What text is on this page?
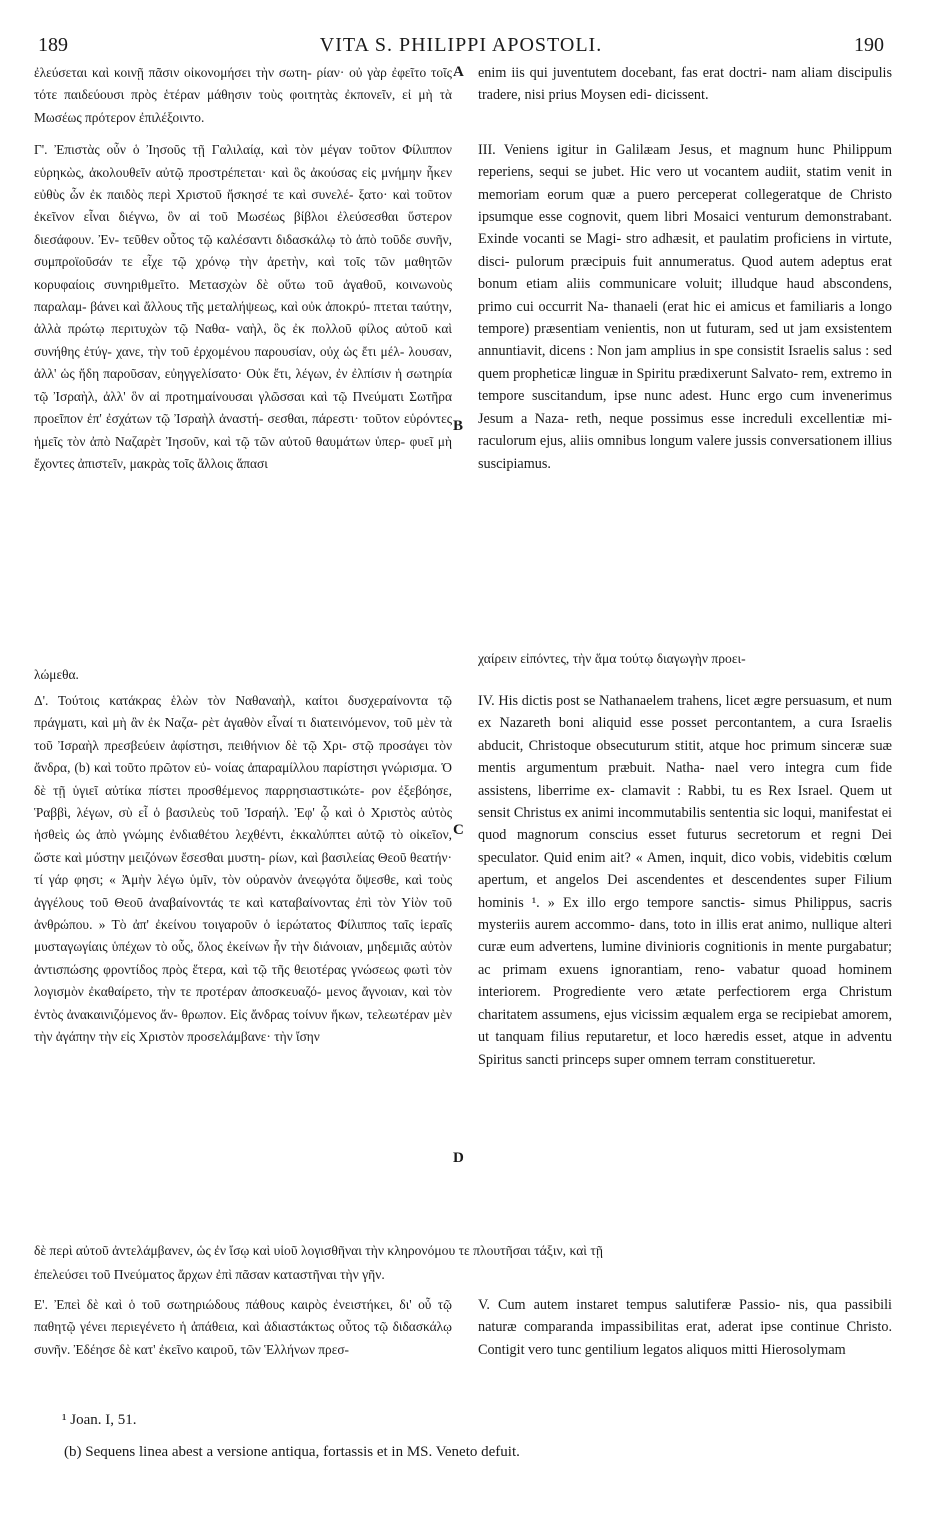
189	VITA S. PHILIPPI APOSTOLI.	190

ἐλεύσεται καὶ κοινῇ πᾶσιν οἰκονομήσει τὴν σωτη- ρίαν· οὐ γὰρ ἐφεῖτο τοῖς τότε παιδεύουσι πρὸς ἑτέραν μάθησιν τοὺς φοιτητὰς ἐκπονεῖν, εἰ μὴ τὰ Μωσέως πρότερον ἐπιλέξοιντο.

Γ'. Ἐπιστὰς οὖν ὁ Ἰησοῦς τῇ Γαλιλαίᾳ, καὶ τὸν μέγαν τοῦτον Φίλιππον εὑρηκὼς, ἀκολουθεῖν αὐτῷ προστρέπεται· καὶ ὃς ἀκούσας εἰς μνήμην ἧκεν εὐθὺς ὧν ἐκ παιδὸς περὶ Χριστοῦ ἤσκησέ τε καὶ συνελέ- ξατο· καὶ τοῦτον ἐκεῖνον εἶναι διέγνω, ὃν αἱ τοῦ Μωσέως βίβλοι ἐλεύσεσθαι ὕστερον διεσάφουν. Ἐν- τεῦθεν οὗτος τῷ καλέσαντι διδασκάλῳ τὸ ἀπὸ τοῦδε συνῆν, συμπροϊοῦσάν τε εἶχε τῷ χρόνῳ τὴν ἀρετὴν, καὶ τοῖς τῶν μαθητῶν κορυφαίοις συνηριθμεῖτο. Μετασχὼν δὲ οὕτω τοῦ ἀγαθοῦ, κοινωνοὺς παραλαμ- βάνει καὶ ἄλλους τῆς μεταλήψεως, καὶ οὐκ ἀποκρύ- πτεται ταύτην, ἀλλὰ πρώτῳ περιτυχὼν τῷ Ναθα- ναὴλ, ὃς ἐκ πολλοῦ φίλος αὐτοῦ καὶ συνήθης ἐτύγ- χανε, τὴν τοῦ ἐρχομένου παρουσίαν, οὐχ ὡς ἔτι μέλ- λουσαν, ἀλλ' ὡς ἤδη παροῦσαν, εὐηγγελίσατο· Οὐκ ἔτι, λέγων, ἐν ἐλπίσιν ἡ σωτηρία τῷ Ἰσραὴλ, ἀλλ' ὃν αἱ προτημαίνουσαι γλῶσσαι καὶ τῷ Πνεύματι Σωτῆρα προεῖπον ἐπ' ἐσχάτων τῷ Ἰσραὴλ ἀναστή- σεσθαι, πάρεστι· τοῦτον εὑρόντες ἡμεῖς τὸν ἀπὸ Ναζαρὲτ Ἰησοῦν, καὶ τῷ τῶν αὐτοῦ θαυμάτων ὑπερ- φυεῖ μὴ ἔχοντες ἀπιστεῖν, μακρὰς τοῖς ἄλλοις ἅπασι

enim iis qui juventutem docebant, fas erat doctri- nam aliam discipulis tradere, nisi prius Moysen edi- dicissent.

III. Veniens igitur in Galilæam Jesus, et magnum hunc Philippum reperiens, sequi se jubet. Hic vero ut vocantem audiit, statim venit in memoriam eorum quæ a puero perceperat collegeratque de Christo ipsumque esse cognovit, quem libri Mosaici venturum demonstrabant. Exinde vocanti se Magi- stro adhæsit, et paulatim proficiens in virtute, disci- pulorum præcipuis fuit annumeratus. Quod autem adeptus erat bonum etiam aliis communicare voluit; illudque haud abscondens, primo cui occurrit Na- thanaeli (erat hic ei amicus et familiaris a longo tempore) præsentiam venientis, non ut futuram, sed ut jam exsistentem annuntiavit, dicens : Non jam amplius in spe consistit Israelis salus : sed quem propheticæ linguæ in Spiritu prædixerunt Salvato- rem, extremo in tempore suscitandum, ipse nunc adest. Hunc ergo cum invenerimus Jesum a Naza- reth, neque possimus esse increduli excellentiæ mi- raculorum ejus, aliis omnibus longum valere jussis conversationem illius suscipiamus.

A
B
χαίρειν εἰπόντες, τὴν ἅμα τούτῳ διαγωγὴν προει-

λώμεθα.

Δ'. Τούτοις κατάκρας ἑλὼν τὸν Ναθαναὴλ, καίτοι δυσχεραίνοντα τῷ πράγματι, καὶ μὴ ἂν ἐκ Ναζα- ρὲτ ἀγαθὸν εἶναί τι διατεινόμενον, τοῦ μὲν τὰ τοῦ Ἰσραὴλ πρεσβεύειν ἀφίστησι, πειθήνιον δὲ τῷ Χρι- στῷ προσάγει τὸν ἄνδρα, (b) καὶ τοῦτο πρῶτον εὐ- νοίας ἀπαραμίλλου παρίστησι γνώρισμα. Ὁ δὲ τῇ ὑγιεῖ αὐτίκα πίστει προσθέμενος παρρησιαστικώτε- ρον ἐξεβόησε, Ῥαββὶ, λέγων, σὺ εἶ ὁ βασιλεὺς τοῦ Ἰσραήλ. Ἐφ' ᾧ καὶ ὁ Χριστὸς αὐτὸς ἡσθεὶς ὡς ἀπὸ γνώμης ἐνδιαθέτου λεχθέντι, ἐκκαλύπτει αὐτῷ τὸ οἰκεῖον, ὥστε καὶ μύστην μειζόνων ἔσεσθαι μυστη- ρίων, καὶ βασιλείας Θεοῦ θεατήν· τί γάρ φησι; « Ἀμὴν λέγω ὑμῖν, τὸν οὐρανὸν ἀνεῳγότα ὄψεσθε, καὶ τοὺς ἀγγέλους τοῦ Θεοῦ ἀναβαίνοντάς τε καὶ καταβαίνοντας ἐπὶ τὸν Υἱὸν τοῦ ἀνθρώπου. » Τὸ ἀπ' ἐκείνου τοιγαροῦν ὁ ἱερώτατος Φίλιππος ταῖς ἱεραῖς μυσταγωγίαις ὑπέχων τὸ οὖς, ὅλος ἐκείνων ἦν τὴν διάνοιαν, μηδεμιᾶς αὐτὸν ἀντισπώσης φροντίδος πρὸς ἕτερα, καὶ τῷ τῆς θειοτέρας γνώσεως φωτὶ τὸν λογισμὸν ἐκαθαίρετο, τὴν τε προτέραν ἀποσκευαζό- μενος ἄγνοιαν, καὶ τὸν ἐντὸς ἀνακαινιζόμενος ἄν- θρωπον. Εἰς ἄνδρας τοίνυν ἥκων, τελεωτέραν μὲν τὴν ἀγάπην τὴν εἰς Χριστὸν προσελάμβανε· τὴν ἴσην

IV. His dictis post se Nathanaelem trahens, licet ægre persuasum, et num ex Nazareth boni aliquid esse posset percontantem, a cura Israelis abducit, Christoque obsecuturum stitit, atque hoc primum sinceræ suæ mentis argumentum præbuit. Natha- nael vero integra cum fide assistens, liberrime ex- clamavit : Rabbi, tu es Rex Israel. Quem ut sensit Christus ex animi incommutabilis sententia sic loqui, manifestat ei quod magnorum conscius esset futurus secretorum et regni Dei speculator. Quid enim ait? « Amen, inquit, dico vobis, videbitis cœlum apertum, et angelos Dei ascendentes et descendentes super Filium hominis ¹. » Ex illo ergo tempore sanctis- simus Philippus, sacris mysteriis aurem accommo- dans, toto in illis erat animo, nullique alteri curæ eum advertens, lumine divinioris cognitionis in mente purgabatur; ac primam exuens ignorantiam, reno- vabatur quoad hominem interiorem. Progrediente vero ætate perfectiorem erga Christum charitatem assumens, ejus vicissim æqualem erga se recipiebat amorem, ut tanquam filius reputaretur, et loco hæredis esset, atque in adventu Spiritus sancti princeps super omnem terram constitueretur.

C
D
δὲ περὶ αὐτοῦ ἀντελάμβανεν, ὡς ἐν ἴσῳ καὶ υἱοῦ λογισθῆναι τὴν κληρονόμου τε πλουτῆσαι τάξιν, καὶ τῇ
ἐπελεύσει τοῦ Πνεύματος ἄρχων ἐπὶ πᾶσαν καταστῆναι τὴν γῆν.

Ε'. Ἐπεὶ δὲ καὶ ὁ τοῦ σωτηριώδους πάθους καιρὸς ἐνειστήκει, δι' οὗ τῷ παθητῷ γένει περιεγένετο ἡ ἀπάθεια, καὶ ἀδιαστάκτως οὗτος τῷ διδασκάλῳ συνῆν. Ἐδέησε δὲ κατ' ἐκεῖνο καιροῦ, τῶν Ἑλλήνων πρεσ-

V. Cum autem instaret tempus salutiferæ Passio- nis, qua passibili naturæ comparanda impassibilitas erat, aderat ipse continue Christo. Contigit vero tunc gentilium legatos aliquos mitti Hierosolymam

¹ Joan. I, 51.
(b) Sequens linea abest a versione antiqua, fortassis et in MS. Veneto defuit.
